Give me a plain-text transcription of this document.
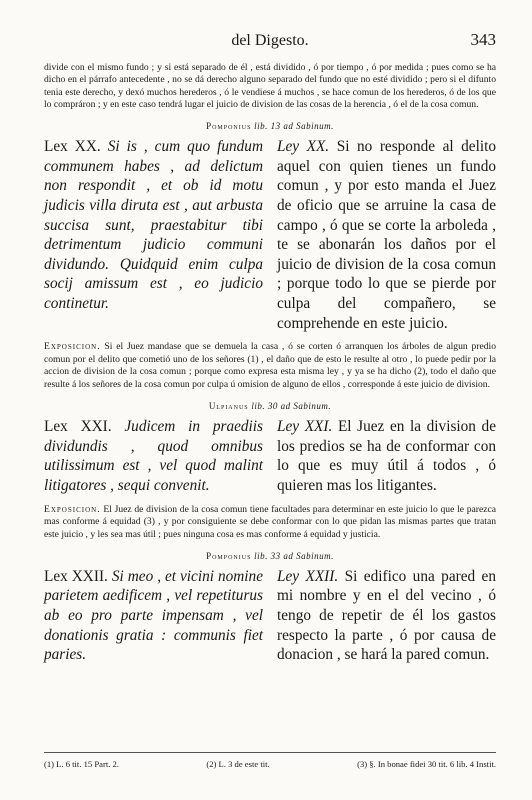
del Digesto.	343

divide con el mismo fundo ; y si está separado de él , está dividido , ó por tiempo , ó por medida ; pues como se ha dicho en el párrafo antecedente , no se dá derecho alguno separado del fundo que no esté dividido ; pero si el difunto tenia este derecho, y dexó muchos herederos , ó le vendiese á muchos , se hace comun de los herederos, ó de los que lo compráron ; y en este caso tendrá lugar el juicio de division de las cosas de la herencia , ó el de la cosa comun.

Pomponius lib. 13 ad Sabinum.
Lex XX. Si is , cum quo fundum communem habes , ad delictum non respondit , et ob id motu judicis villa diruta est , aut arbusta succisa sunt, praestabitur tibi detrimentum judicio communi dividundo. Quidquid enim culpa socij amissum est , eo judicio continetur.
Ley XX. Si no responde al delito aquel con quien tienes un fundo comun , y por esto manda el Juez de oficio que se arruine la casa de campo , ó que se corte la arboleda , te se abonarán los daños por el juicio de division de la cosa comun ; porque todo lo que se pierde por culpa del compañero, se comprehende en este juicio.

Exposicion. Si el Juez mandase que se demuela la casa , ó se corten ó arranquen los árboles de algun predio comun por el delito que cometió uno de los señores (1) , el daño que de esto le resulte al otro , lo puede pedir por la accion de division de la cosa comun ; porque como expresa esta misma ley , y ya se ha dicho (2), todo el daño que resulte á los señores de la cosa comun por culpa ú omision de alguno de ellos , corresponde á este juicio de division.

Ulpianus lib. 30 ad Sabinum.
Lex XXI. Judicem in praediis dividundis , quod omnibus utilissimum est , vel quod malint litigatores , sequi convenit.
Ley XXI. El Juez en la division de los predios se ha de conformar con lo que es muy útil á todos , ó quieren mas los litigantes.

Exposicion. El Juez de division de la cosa comun tiene facultades para determinar en este juicio lo que le parezca mas conforme á equidad (3) , y por consiguiente se debe conformar con lo que pidan las mismas partes que tratan este juicio , y les sea mas útil ; pues ninguna cosa es mas conforme á equidad y justicia.

Pomponius lib. 33 ad Sabinum.
Lex XXII. Si meo , et vicini nomine parietem aedificem , vel repetiturus ab eo pro parte impensam , vel donationis gratia : communis fiet paries.
Ley XXII. Si edifico una pared en mi nombre y en el del vecino , ó tengo de repetir de él los gastos respecto la parte , ó por causa de donacion , se hará la pared comun.
(1) L. 6 tit. 15 Part. 2.	(2) L. 3 de este tit.	(3) §. In bonae fidei 30 tit. 6 lib. 4 Instit.
